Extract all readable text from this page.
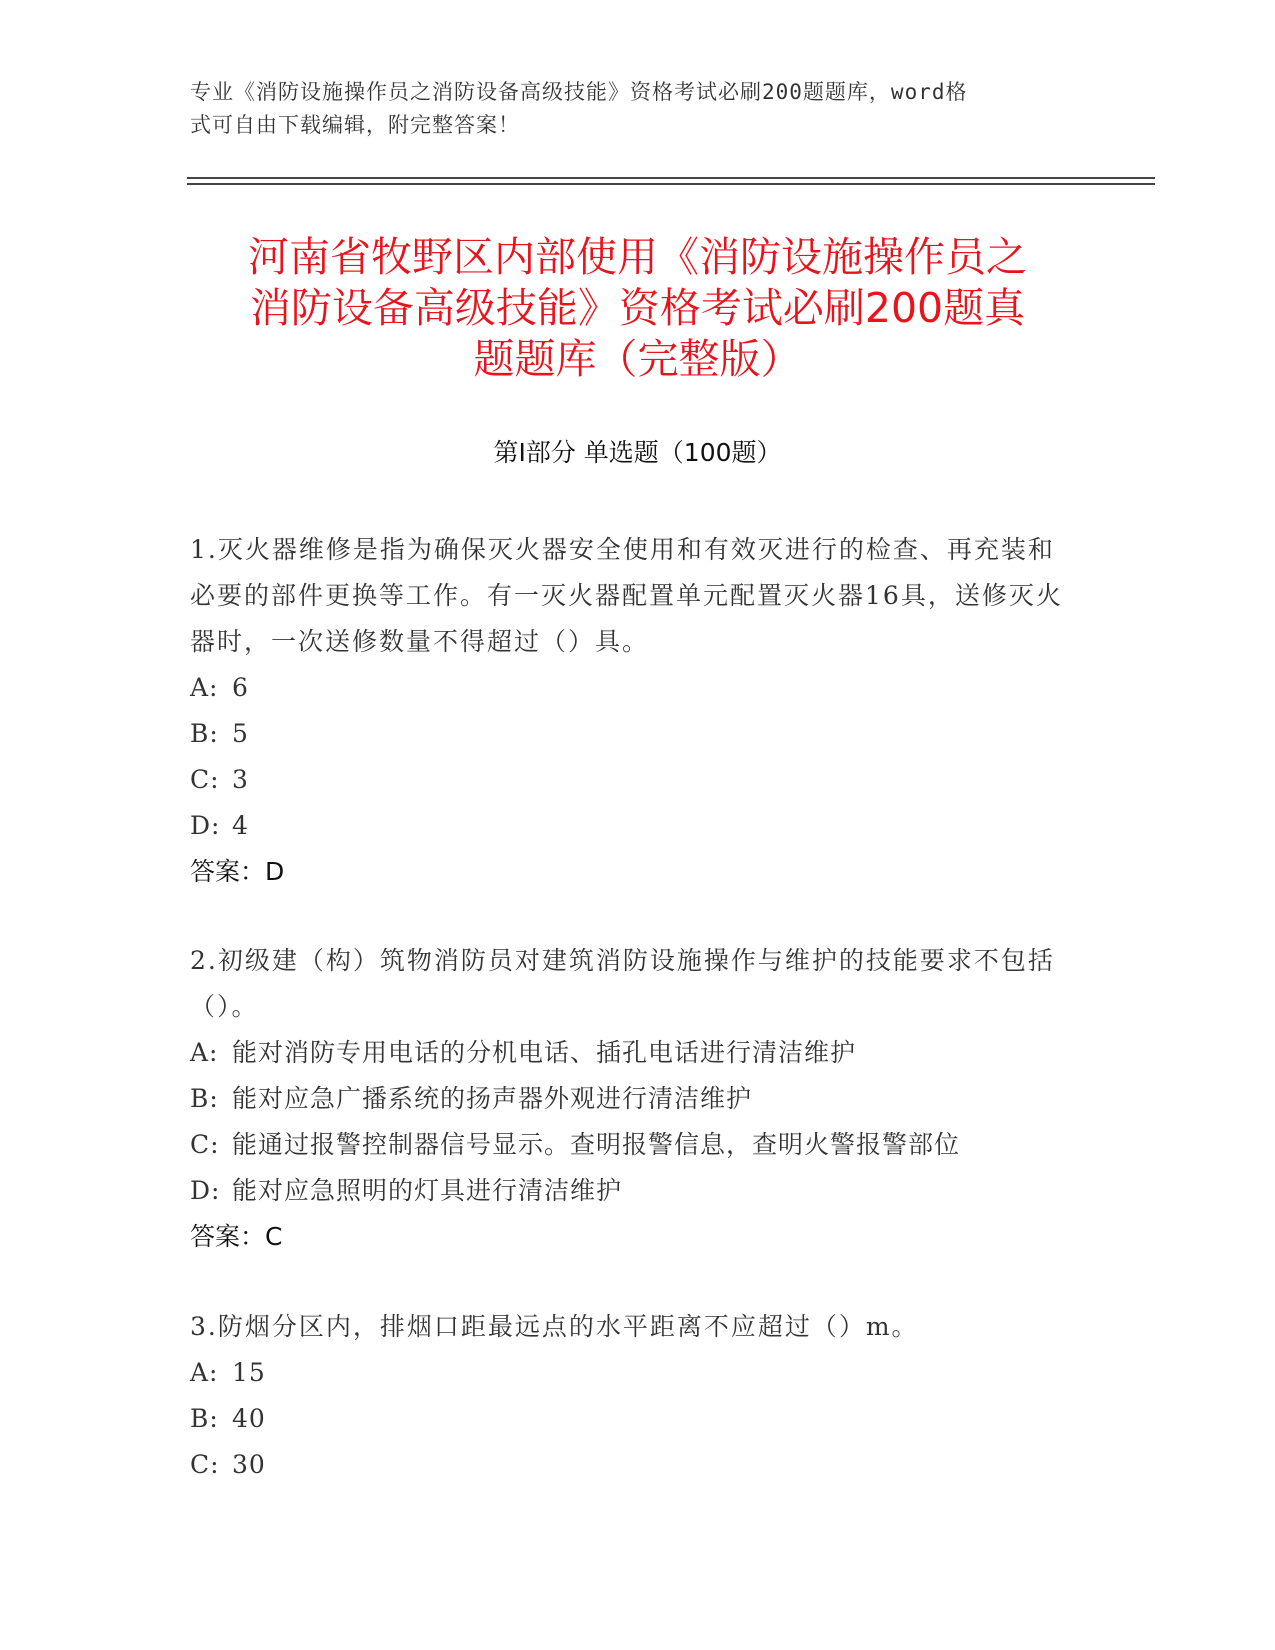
专业《消防设施操作员之消防设备高级技能》资格考试必刷200题题库，word格
式可自由下载编辑，附完整答案！
河南省牧野区内部使用《消防设施操作员之
消防设备高级技能》资格考试必刷200题真
题题库（完整版）
第Ⅰ部分 单选题（100题）
1.灭火器维修是指为确保灭火器安全使用和有效灭进行的检查、再充装和必要的部件更换等工作。有一灭火器配置单元配置灭火器16具，送修灭火器时，一次送修数量不得超过（）具。
A: 6
B: 5
C: 3
D: 4
答案：D
2.初级建（构）筑物消防员对建筑消防设施操作与维护的技能要求不包括（）。
A: 能对消防专用电话的分机电话、插孔电话进行清洁维护
B: 能对应急广播系统的扬声器外观进行清洁维护
C: 能通过报警控制器信号显示。查明报警信息，查明火警报警部位
D: 能对应急照明的灯具进行清洁维护
答案：C
3.防烟分区内，排烟口距最远点的水平距离不应超过（）m。
A: 15
B: 40
C: 30
